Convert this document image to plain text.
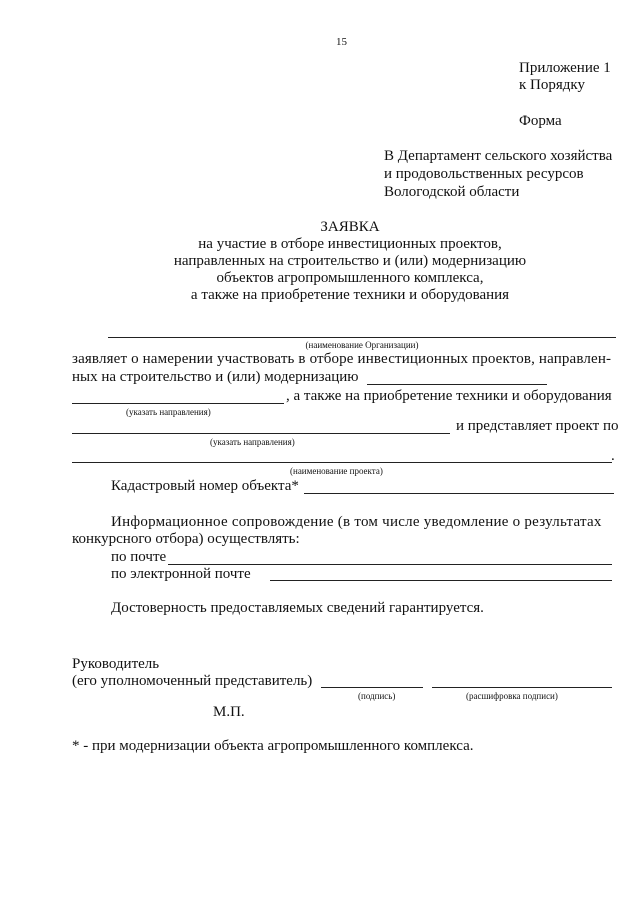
15
Приложение 1
к Порядку
Форма
В Департамент сельского хозяйства
и продовольственных ресурсов
Вологодской области
ЗАЯВКА
на участие в отборе инвестиционных проектов,
направленных на строительство и (или) модернизацию
объектов агропромышленного комплекса,
а также на приобретение техники и оборудования
(наименование Организации)
заявляет о намерении участвовать в отборе инвестиционных проектов, направлен-
ных на строительство и (или) модернизацию
, а также на приобретение техники и оборудования
(указать направления)
и представляет проект по
(указать направления)
.
(наименование проекта)
Кадастровый номер объекта*
Информационное сопровождение (в том числе уведомление о результатах
конкурсного отбора) осуществлять:
по почте
по электронной почте
Достоверность предоставляемых сведений гарантируется.
Руководитель
(его уполномоченный представитель)
(подпись)	(расшифровка подписи)
М.П.
* - при модернизации объекта агропромышленного комплекса.
